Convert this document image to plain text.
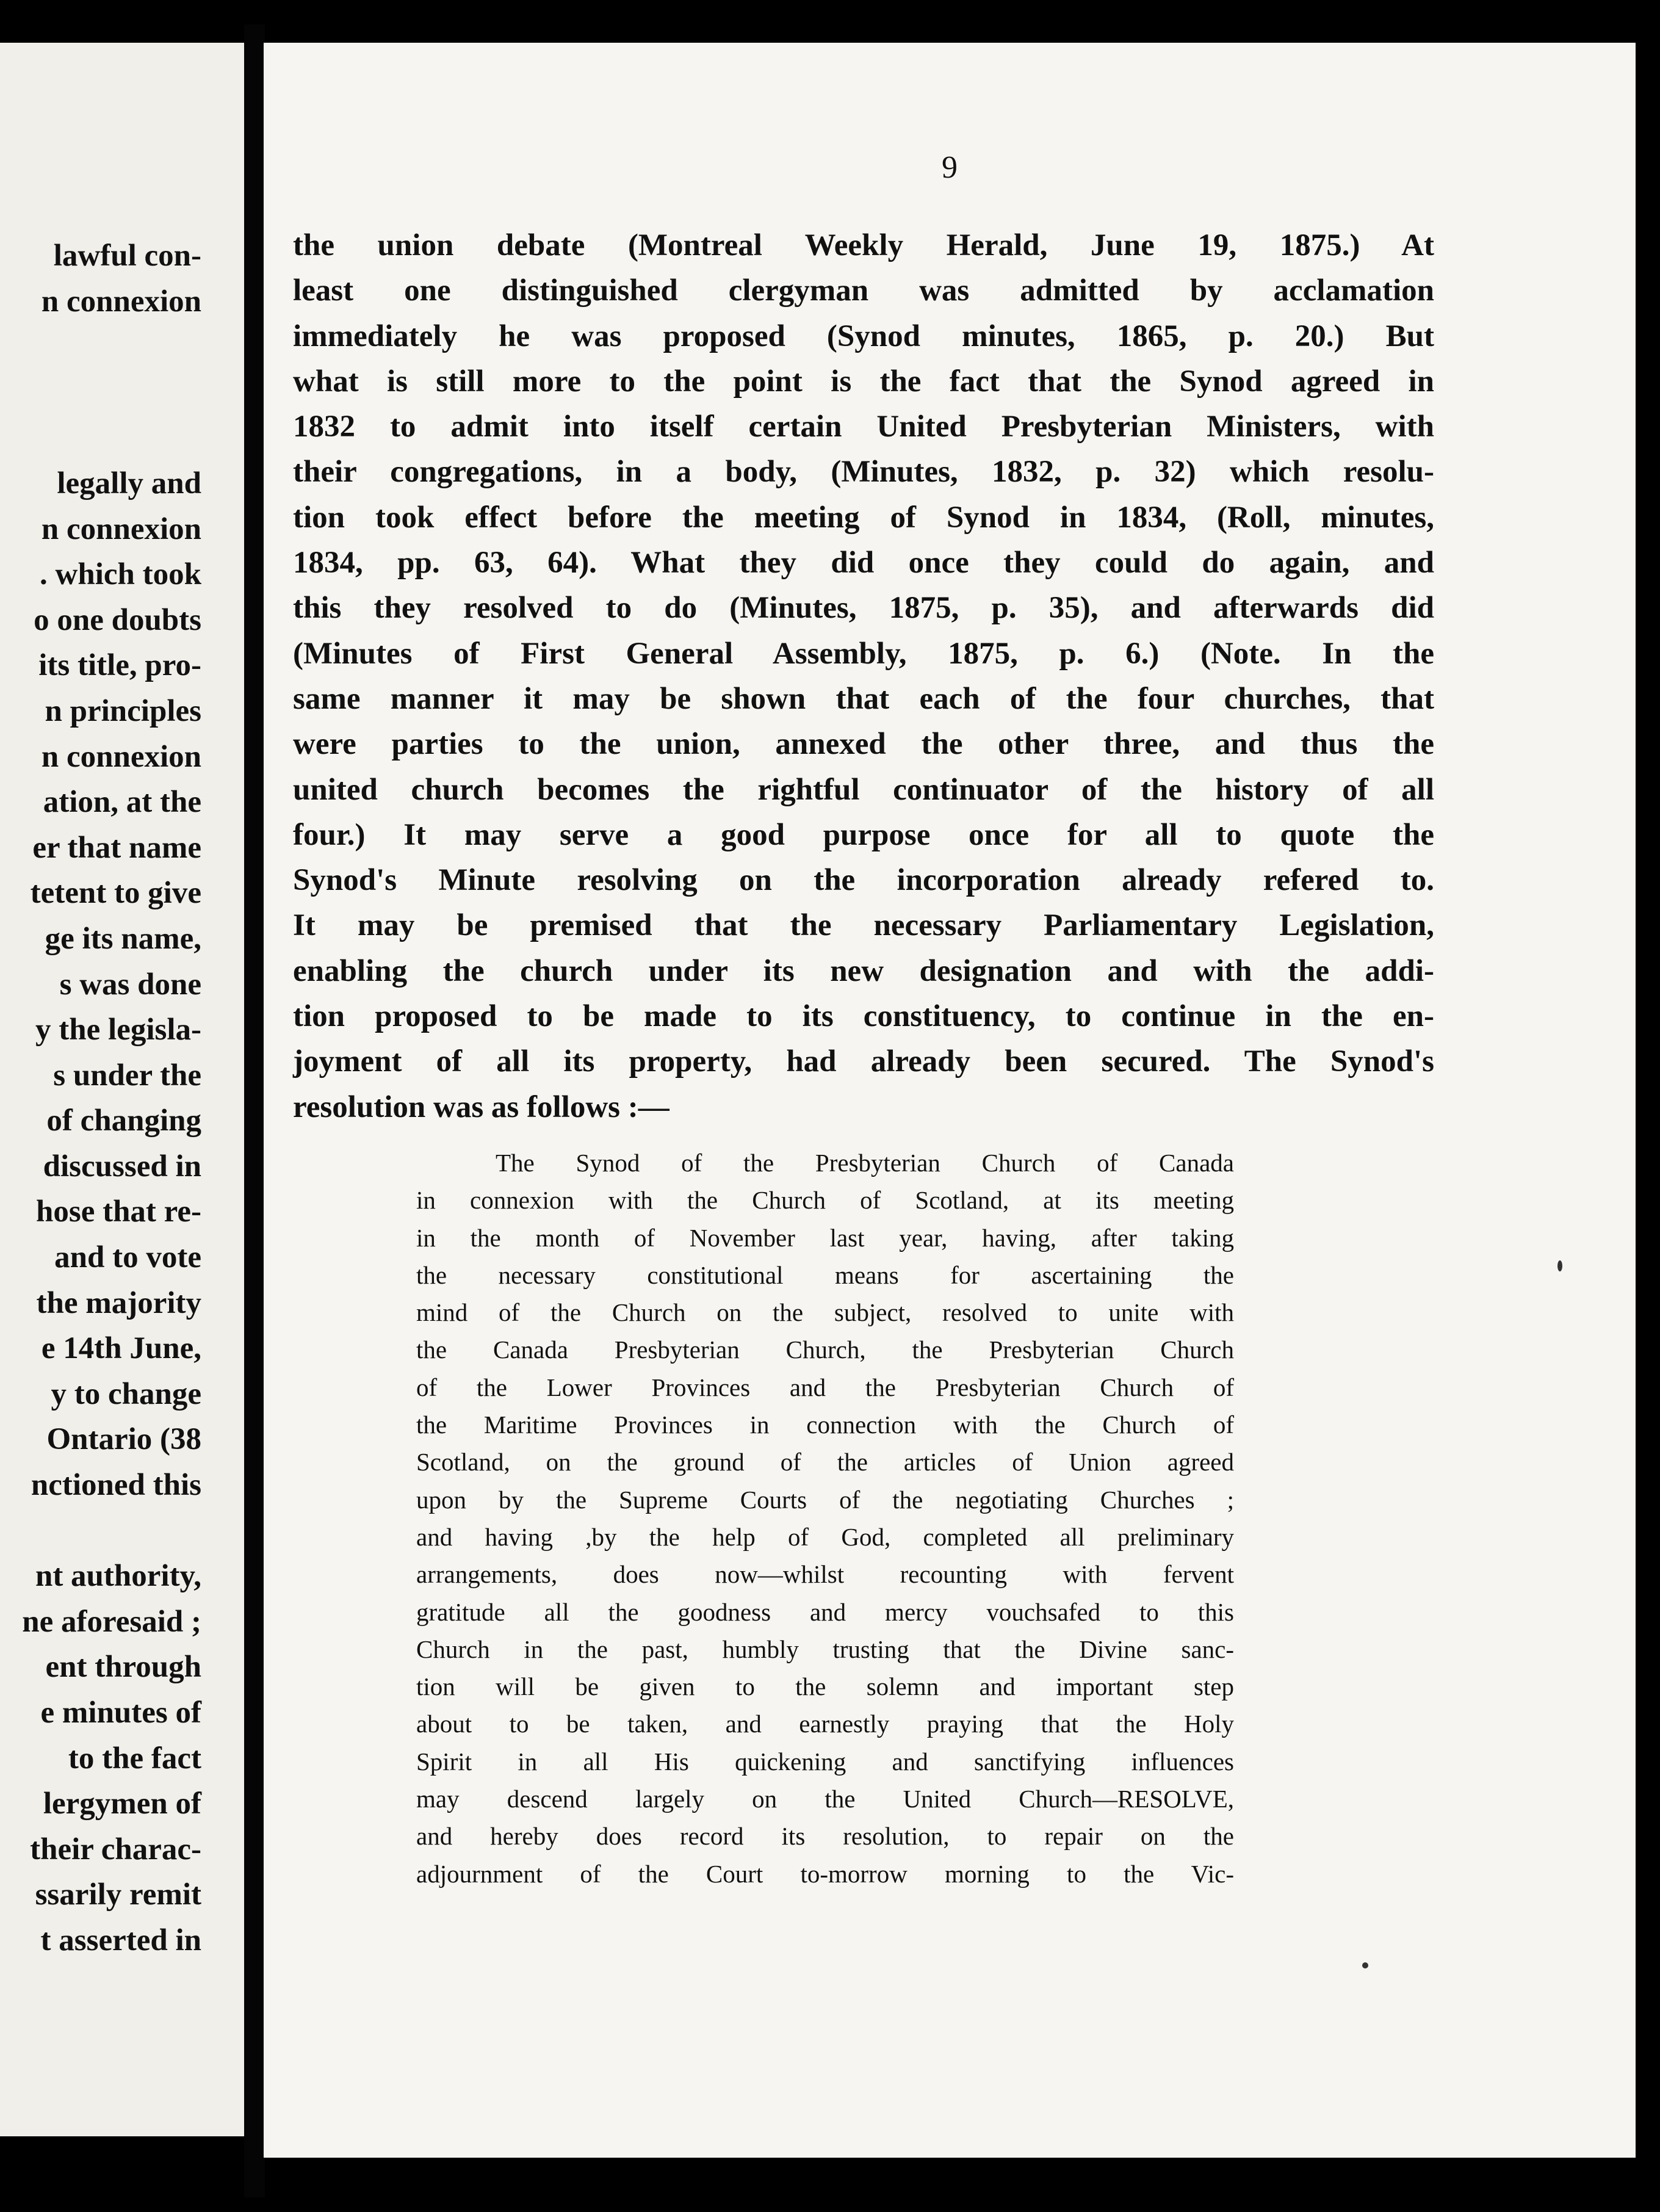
lawful con-
n connexion
legally and
n connexion
. which took
o one doubts
its title, pro-
n principles
n connexion
ation, at the
er that name
tetent to give
ge its name,
s was done
y the legisla-
s under the
of changing
discussed in
hose that re-
and to vote
the majority
e 14th June,
y to change
Ontario (38
nctioned this
nt authority,
ne aforesaid ;
ent through
e minutes of
to the fact
lergymen of
their charac-
ssarily remit
t asserted in
9
the union debate (Montreal Weekly Herald, June 19, 1875.) At
least one distinguished clergyman was admitted by acclamation
immediately he was proposed (Synod minutes, 1865, p. 20.) But
what is still more to the point is the fact that the Synod agreed in
1832 to admit into itself certain United Presbyterian Ministers, with
their congregations, in a body, (Minutes, 1832, p. 32) which resolu-
tion took effect before the meeting of Synod in 1834, (Roll, minutes,
1834, pp. 63, 64). What they did once they could do again, and
this they resolved to do (Minutes, 1875, p. 35), and afterwards did
(Minutes of First General Assembly, 1875, p. 6.) (Note. In the
same manner it may be shown that each of the four churches, that
were parties to the union, annexed the other three, and thus the
united church becomes the rightful continuator of the history of all
four.) It may serve a good purpose once for all to quote the
Synod's Minute resolving on the incorporation already refered to.
It may be premised that the necessary Parliamentary Legislation,
enabling the church under its new designation and with the addi-
tion proposed to be made to its constituency, to continue in the en-
joyment of all its property, had already been secured. The Synod's
resolution was as follows :—
The Synod of the Presbyterian Church of Canada
in connexion with the Church of Scotland, at its meeting
in the month of November last year, having, after taking
the necessary constitutional means for ascertaining the
mind of the Church on the subject, resolved to unite with
the Canada Presbyterian Church, the Presbyterian Church
of the Lower Provinces and the Presbyterian Church of
the Maritime Provinces in connection with the Church of
Scotland, on the ground of the articles of Union agreed
upon by the Supreme Courts of the negotiating Churches ;
and having ,by the help of God, completed all preliminary
arrangements, does now—whilst recounting with fervent
gratitude all the goodness and mercy vouchsafed to this
Church in the past, humbly trusting that the Divine sanc-
tion will be given to the solemn and important step
about to be taken, and earnestly praying that the Holy
Spirit in all His quickening and sanctifying influences
may descend largely on the United Church—RESOLVE,
and hereby does record its resolution, to repair on the
adjournment of the Court to-morrow morning to the Vic-
